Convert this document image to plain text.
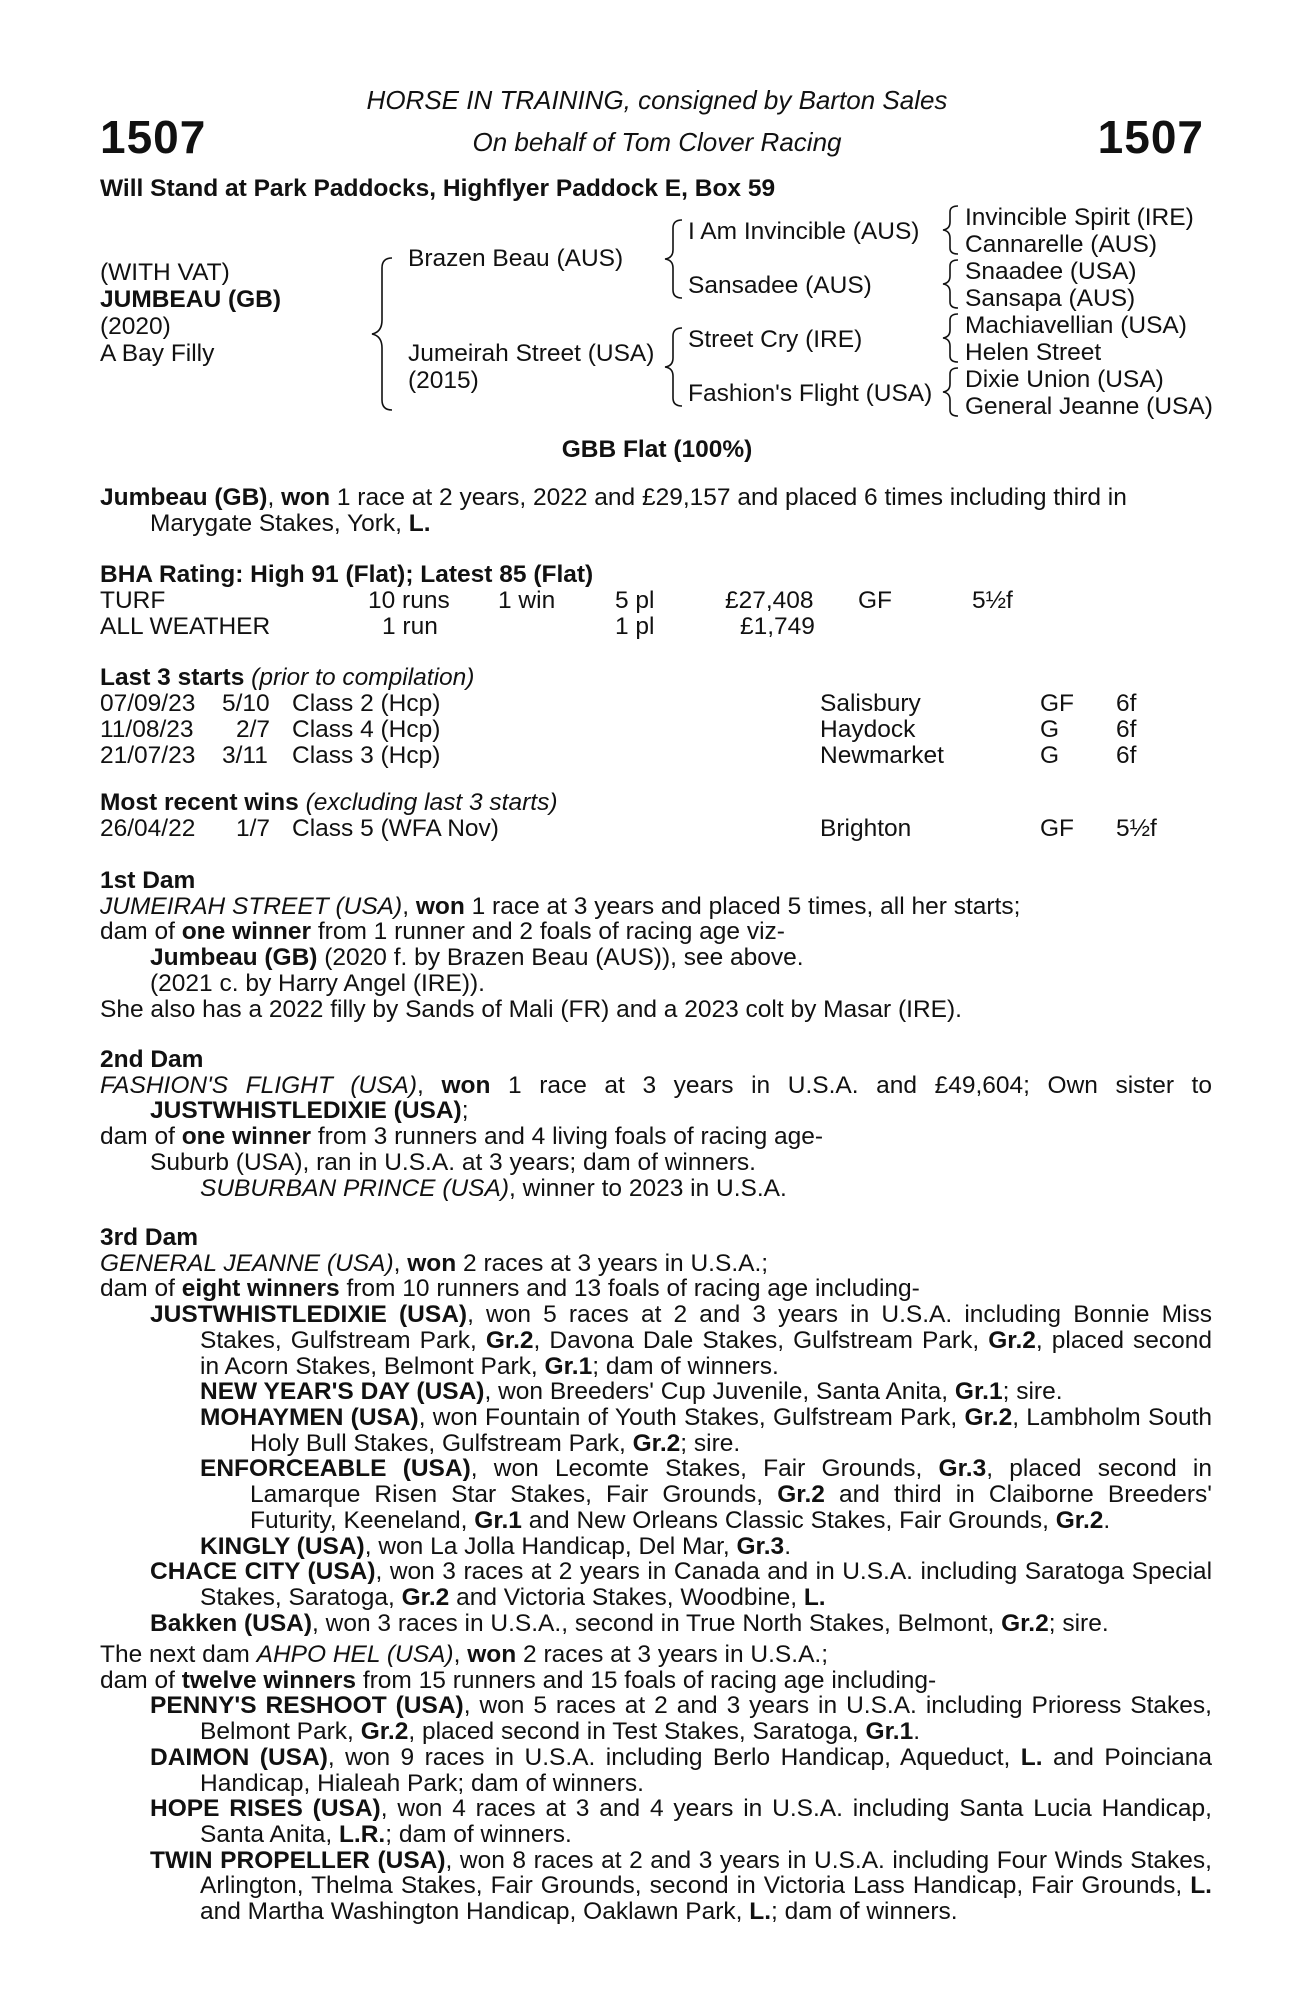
1507	1507
HORSE IN TRAINING, consigned by Barton Sales
On behalf of Tom Clover Racing
Will Stand at Park Paddocks, Highflyer Paddock E, Box 59
(WITH VAT)
JUMBEAU (GB)
(2020)
A Bay Filly
Brazen Beau (AUS)
Jumeirah Street (USA)
(2015)
I Am Invincible (AUS)
Sansadee (AUS)
Street Cry (IRE)
Fashion's Flight (USA)
Invincible Spirit (IRE)
Cannarelle (AUS)
Snaadee (USA)
Sansapa (AUS)
Machiavellian (USA)
Helen Street
Dixie Union (USA)
General Jeanne (USA)
GBB Flat (100%)

Jumbeau (GB), won 1 race at 2 years, 2022 and £29,157 and placed 6 times including third in Marygate Stakes, York, L.

BHA Rating: High 91 (Flat); Latest 85 (Flat)

TURF	10 runs 1 win 5 pl	£27,408 GF	5½f
ALL WEATHER	1 run	1 pl	£1,749

Last 3 starts (prior to compilation)

07/09/23 5/10 Class 2 (Hcp)	Salisbury	GF 6f
11/08/23 2/7 Class 4 (Hcp)	Haydock	G 6f
21/07/23 3/11 Class 3 (Hcp)	Newmarket	G 6f

Most recent wins (excluding last 3 starts)

26/04/22 1/7 Class 5 (WFA Nov)	Brighton	GF 5½f

1st Dam

JUMEIRAH STREET (USA), won 1 race at 3 years and placed 5 times, all her starts;

dam of one winner from 1 runner and 2 foals of racing age viz-

Jumbeau (GB) (2020 f. by Brazen Beau (AUS)), see above.

(2021 c. by Harry Angel (IRE)).

She also has a 2022 filly by Sands of Mali (FR) and a 2023 colt by Masar (IRE).

2nd Dam

FASHION'S FLIGHT (USA), won 1 race at 3 years in U.S.A. and £49,604; Own sister to JUSTWHISTLEDIXIE (USA);

dam of one winner from 3 runners and 4 living foals of racing age-

Suburb (USA), ran in U.S.A. at 3 years; dam of winners.

SUBURBAN PRINCE (USA), winner to 2023 in U.S.A.

3rd Dam

GENERAL JEANNE (USA), won 2 races at 3 years in U.S.A.;

dam of eight winners from 10 runners and 13 foals of racing age including-

JUSTWHISTLEDIXIE (USA), won 5 races at 2 and 3 years in U.S.A. including Bonnie Miss Stakes, Gulfstream Park, Gr.2, Davona Dale Stakes, Gulfstream Park, Gr.2, placed second in Acorn Stakes, Belmont Park, Gr.1; dam of winners.

NEW YEAR'S DAY (USA), won Breeders' Cup Juvenile, Santa Anita, Gr.1; sire.

MOHAYMEN (USA), won Fountain of Youth Stakes, Gulfstream Park, Gr.2, Lambholm South Holy Bull Stakes, Gulfstream Park, Gr.2; sire.

ENFORCEABLE (USA), won Lecomte Stakes, Fair Grounds, Gr.3, placed second in Lamarque Risen Star Stakes, Fair Grounds, Gr.2 and third in Claiborne Breeders' Futurity, Keeneland, Gr.1 and New Orleans Classic Stakes, Fair Grounds, Gr.2.

KINGLY (USA), won La Jolla Handicap, Del Mar, Gr.3.

CHACE CITY (USA), won 3 races at 2 years in Canada and in U.S.A. including Saratoga Special Stakes, Saratoga, Gr.2 and Victoria Stakes, Woodbine, L.

Bakken (USA), won 3 races in U.S.A., second in True North Stakes, Belmont, Gr.2; sire.

The next dam AHPO HEL (USA), won 2 races at 3 years in U.S.A.;

dam of twelve winners from 15 runners and 15 foals of racing age including-

PENNY'S RESHOOT (USA), won 5 races at 2 and 3 years in U.S.A. including Prioress Stakes, Belmont Park, Gr.2, placed second in Test Stakes, Saratoga, Gr.1.

DAIMON (USA), won 9 races in U.S.A. including Berlo Handicap, Aqueduct, L. and Poinciana Handicap, Hialeah Park; dam of winners.

HOPE RISES (USA), won 4 races at 3 and 4 years in U.S.A. including Santa Lucia Handicap, Santa Anita, L.R.; dam of winners.

TWIN PROPELLER (USA), won 8 races at 2 and 3 years in U.S.A. including Four Winds Stakes, Arlington, Thelma Stakes, Fair Grounds, second in Victoria Lass Handicap, Fair Grounds, L. and Martha Washington Handicap, Oaklawn Park, L.; dam of winners.
